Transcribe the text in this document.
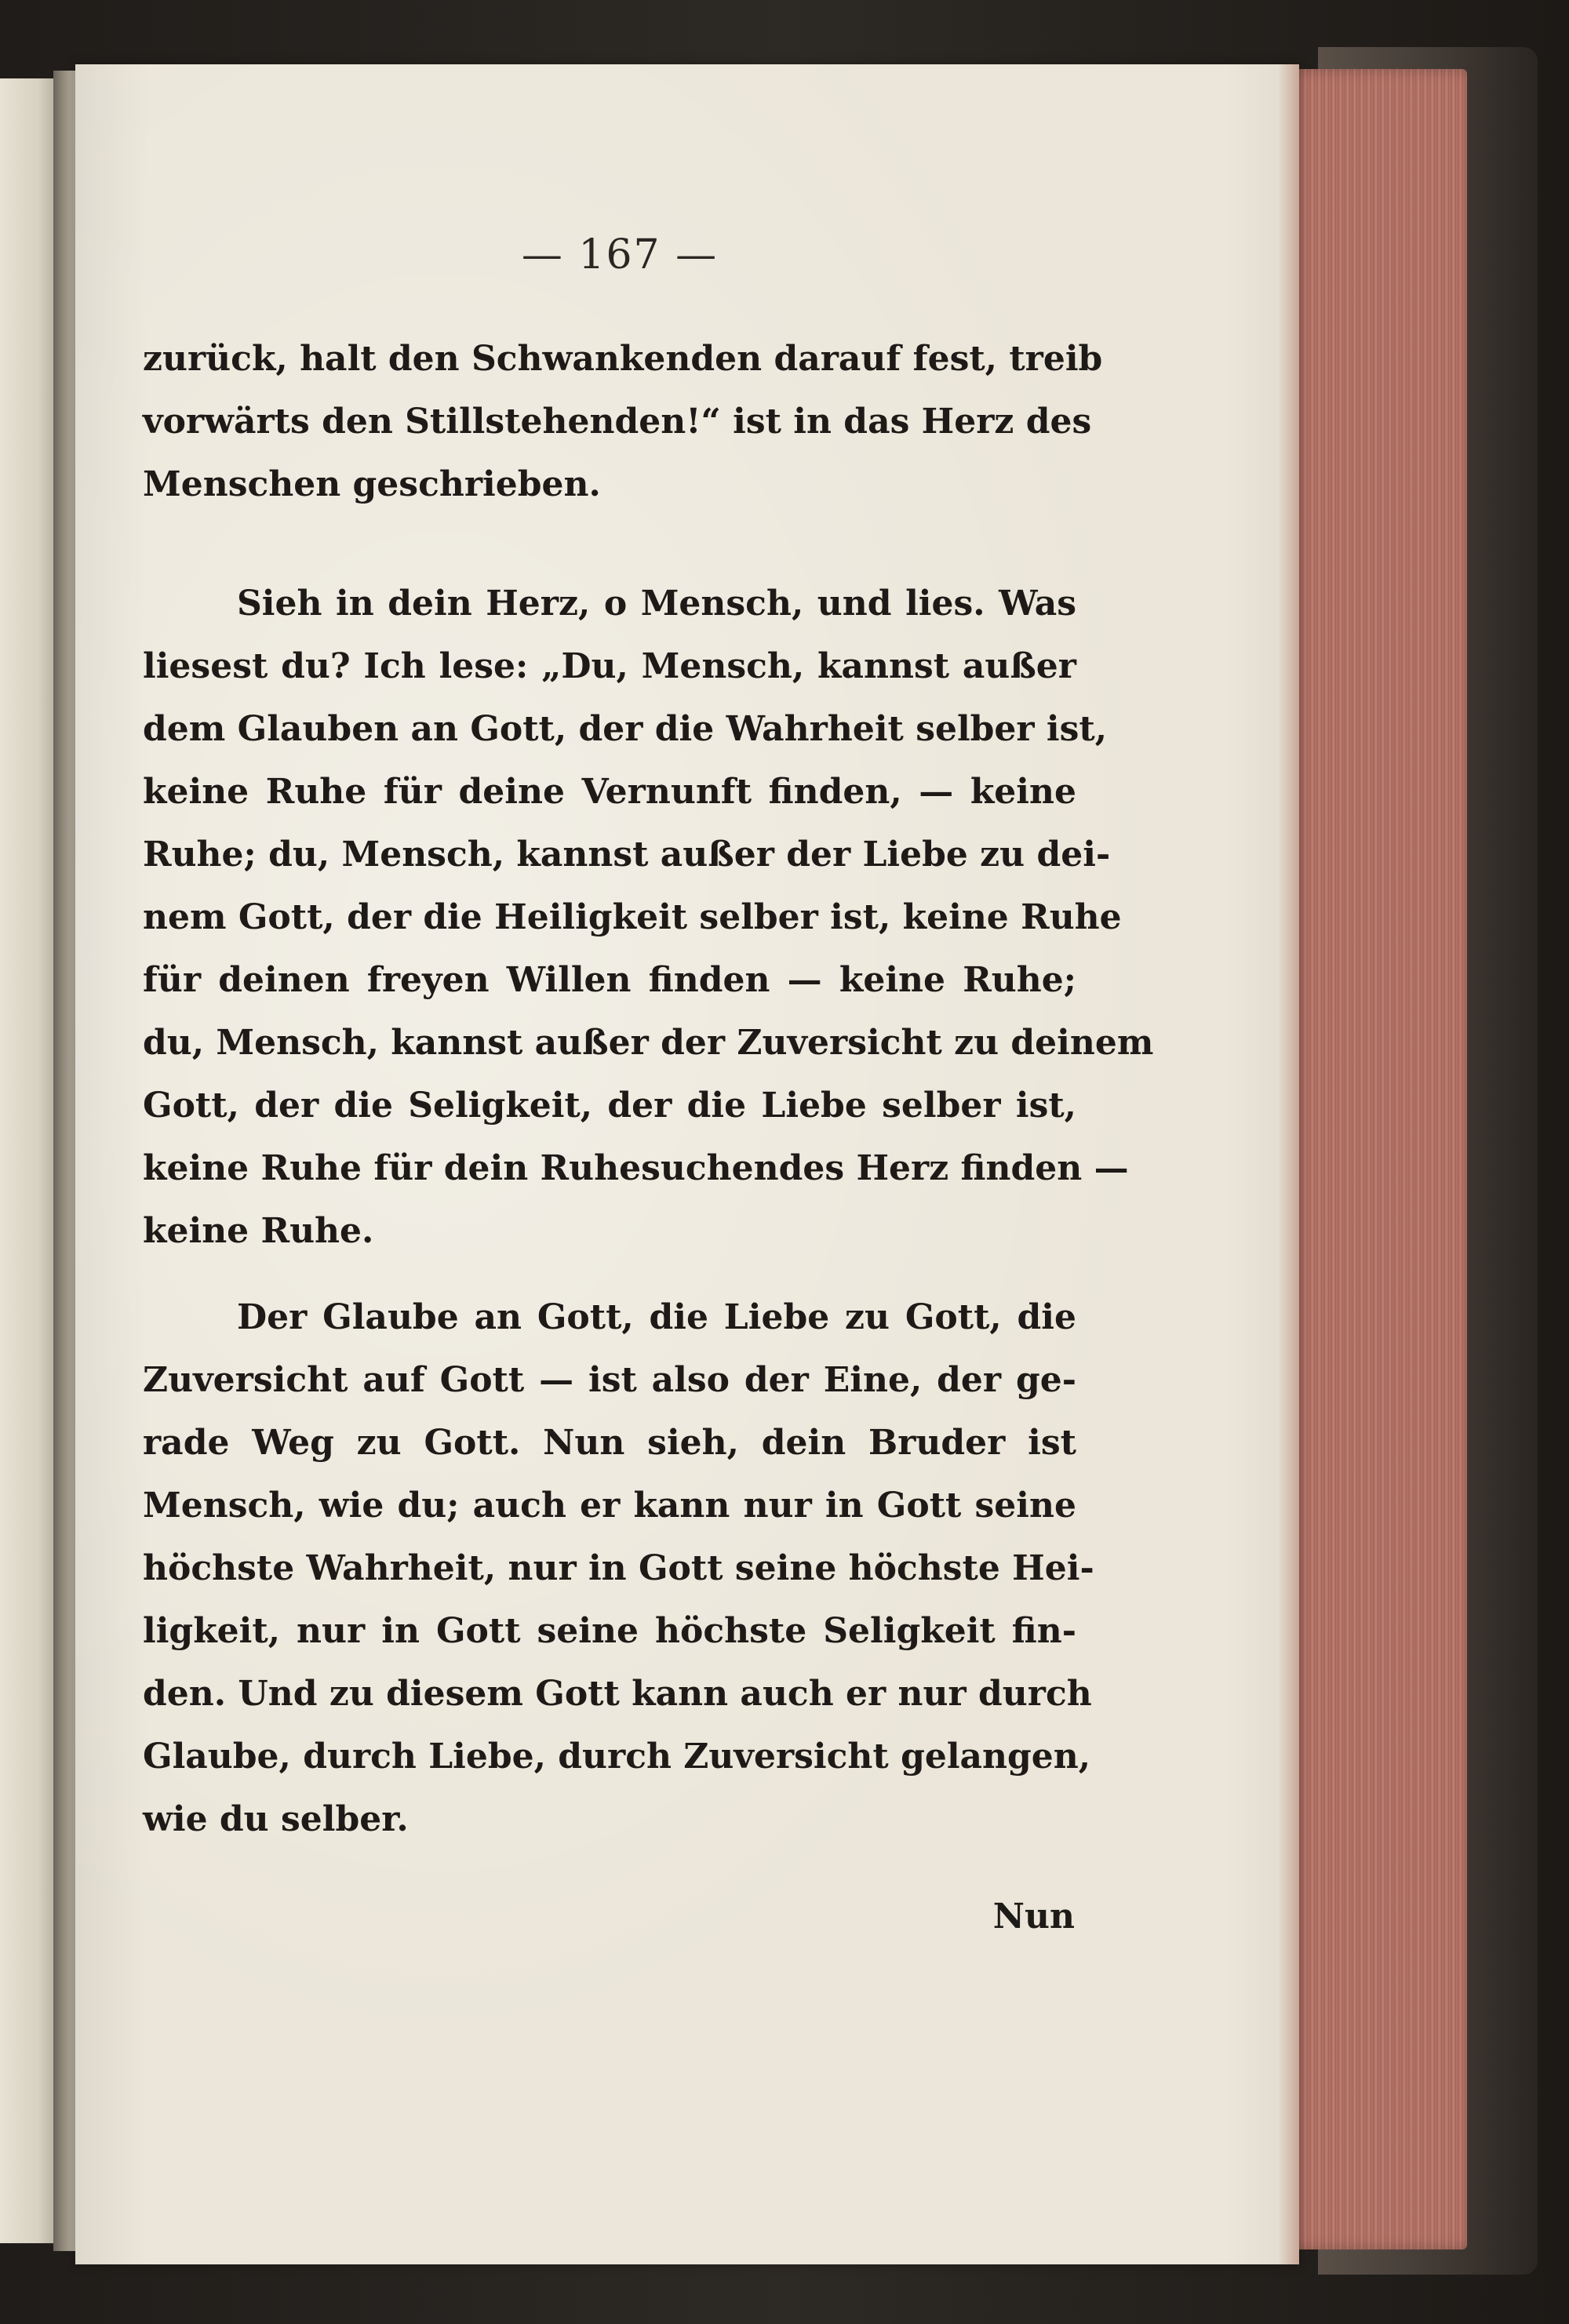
— 167 —
zurück, halt den Schwankenden darauf fest, treib
vorwärts den Stillstehenden!“ ist in das Herz des
Menschen geschrieben.
Sieh in dein Herz, o Mensch, und lies. Was
liesest du? Ich lese: „Du, Mensch, kannst außer
dem Glauben an Gott, der die Wahrheit selber ist,
keine Ruhe für deine Vernunft finden, — keine
Ruhe; du, Mensch, kannst außer der Liebe zu dei-
nem Gott, der die Heiligkeit selber ist, keine Ruhe
für deinen freyen Willen finden — keine Ruhe;
du, Mensch, kannst außer der Zuversicht zu deinem
Gott, der die Seligkeit, der die Liebe selber ist,
keine Ruhe für dein Ruhesuchendes Herz finden —
keine Ruhe.
Der Glaube an Gott, die Liebe zu Gott, die
Zuversicht auf Gott — ist also der Eine, der ge-
rade Weg zu Gott. Nun sieh, dein Bruder ist
Mensch, wie du; auch er kann nur in Gott seine
höchste Wahrheit, nur in Gott seine höchste Hei-
ligkeit, nur in Gott seine höchste Seligkeit fin-
den. Und zu diesem Gott kann auch er nur durch
Glaube, durch Liebe, durch Zuversicht gelangen,
wie du selber.
Nun
